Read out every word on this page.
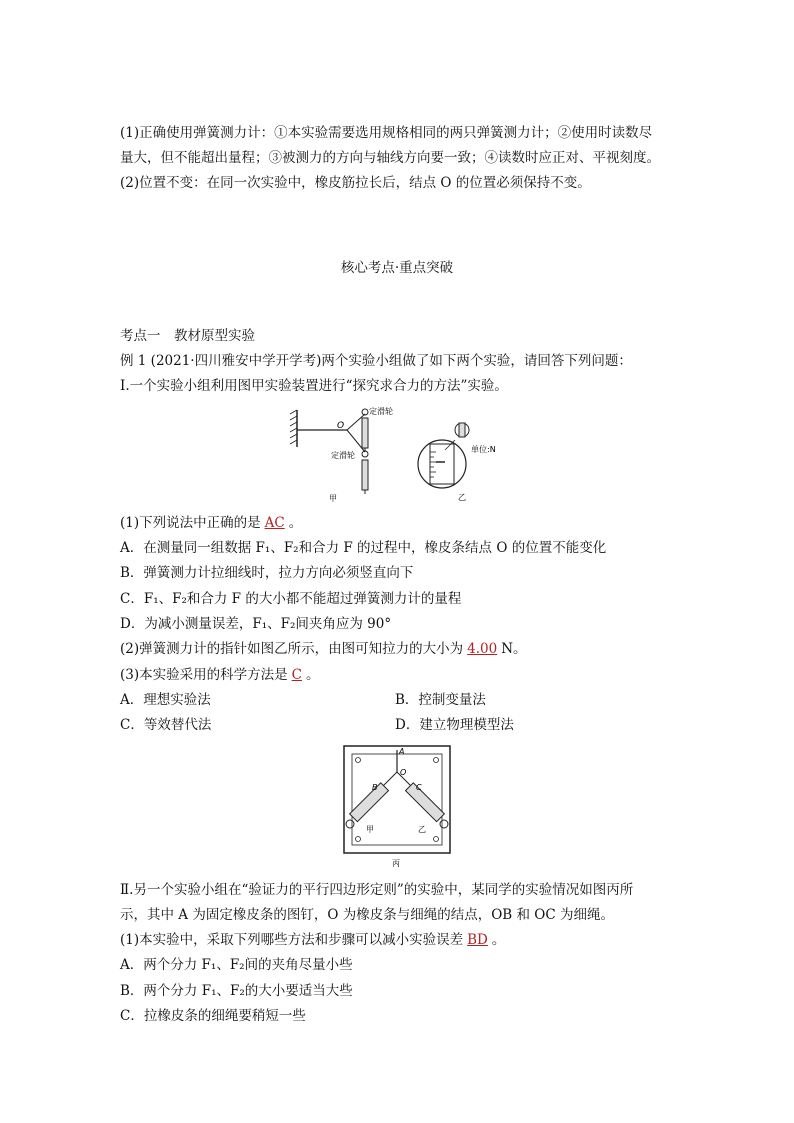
(1)正确使用弹簧测力计：①本实验需要选用规格相同的两只弹簧测力计；②使用时读数尽
量大，但不能超出量程；③被测力的方向与轴线方向要一致；④读数时应正对、平视刻度。
(2)位置不变：在同一次实验中，橡皮筋拉长后，结点 O 的位置必须保持不变。
核心考点·重点突破
考点一　教材原型实验
例 1 (2021·四川雅安中学开学考)两个实验小组做了如下两个实验，请回答下列问题：
Ⅰ.一个实验小组利用图甲实验装置进行“探究求合力的方法”实验。
定滑轮
定滑轮
O
甲
单位:N
乙
(1)下列说法中正确的是 AC 。
A．在测量同一组数据 F₁、F₂和合力 F 的过程中，橡皮条结点 O 的位置不能变化
B．弹簧测力计拉细线时，拉力方向必须竖直向下
C．F₁、F₂和合力 F 的大小都不能超过弹簧测力计的量程
D．为减小测量误差，F₁、F₂间夹角应为 90°
(2)弹簧测力计的指针如图乙所示，由图可知拉力的大小为 4.00 N。
(3)本实验采用的科学方法是 C 。
A．理想实验法	B．控制变量法
C．等效替代法	D．建立物理模型法
A
O
B	C
甲	乙
丙
Ⅱ.另一个实验小组在“验证力的平行四边形定则”的实验中，某同学的实验情况如图丙所
示，其中 A 为固定橡皮条的图钉，O 为橡皮条与细绳的结点，OB 和 OC 为细绳。
(1)本实验中，采取下列哪些方法和步骤可以减小实验误差 BD 。
A．两个分力 F₁、F₂间的夹角尽量小些
B．两个分力 F₁、F₂的大小要适当大些
C．拉橡皮条的细绳要稍短一些
